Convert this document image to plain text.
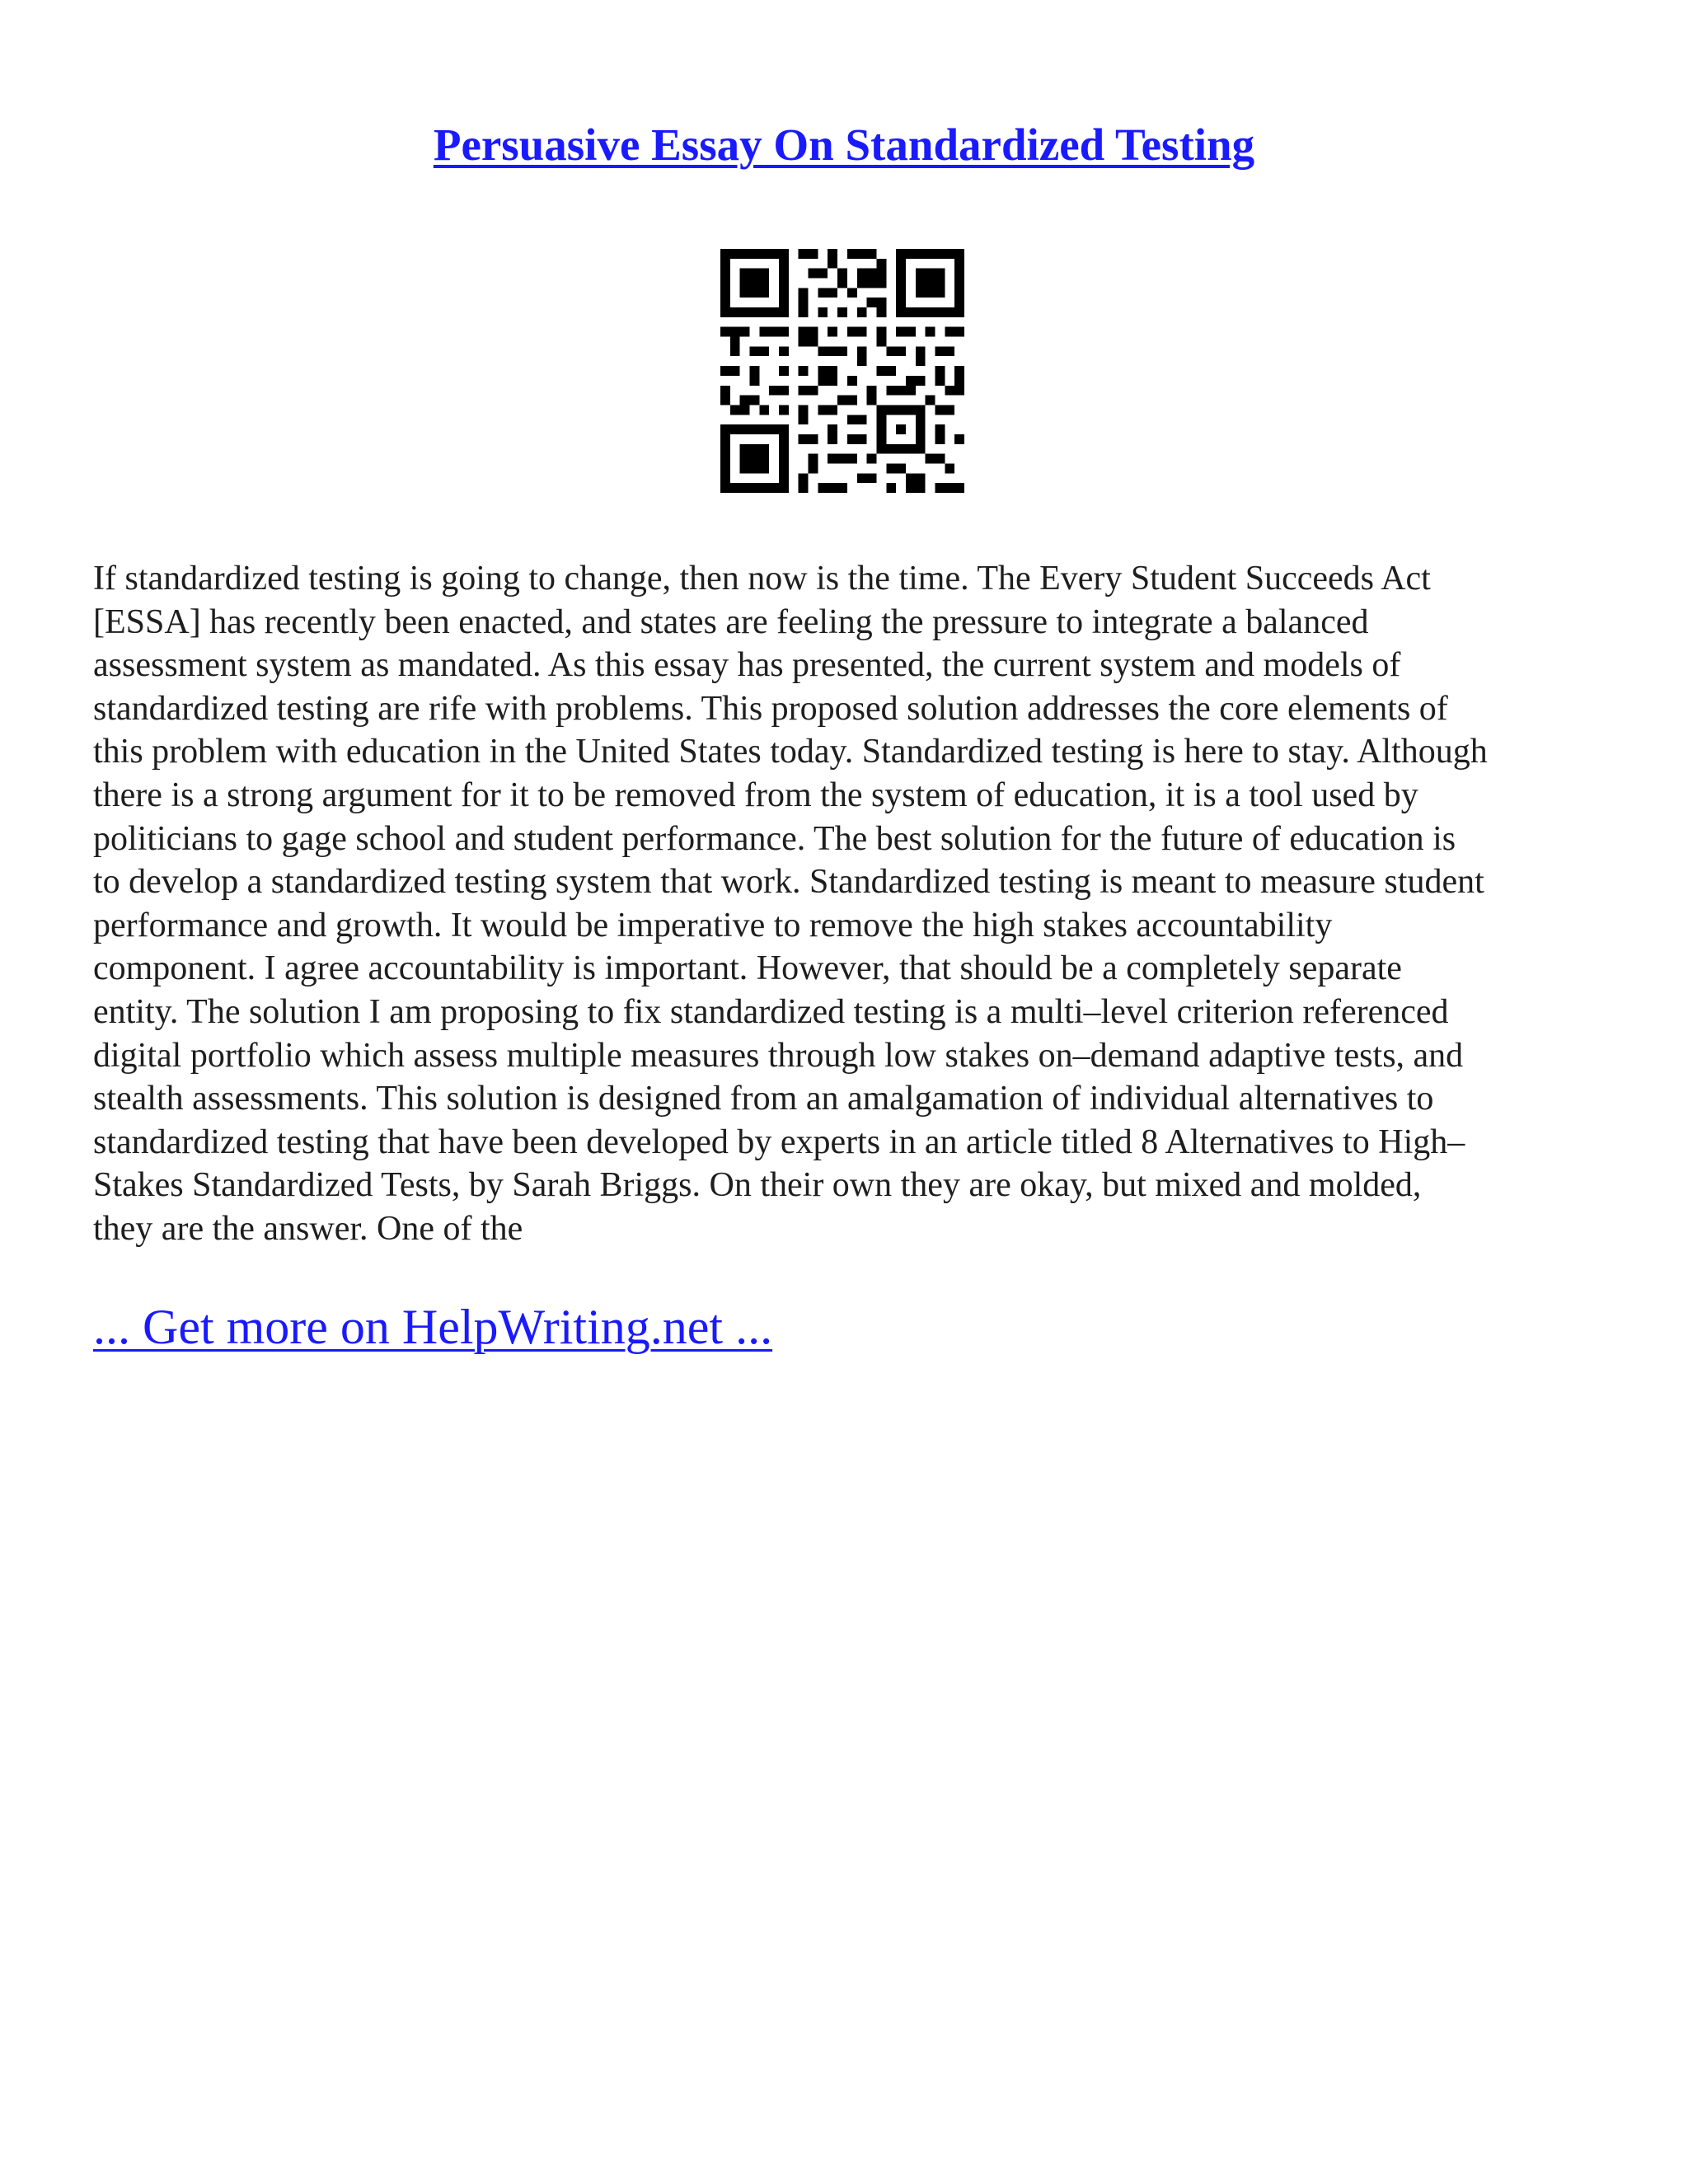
Persuasive Essay On Standardized Testing

If standardized testing is going to change, then now is the time. The Every Student Succeeds Act
[ESSA] has recently been enacted, and states are feeling the pressure to integrate a balanced
assessment system as mandated. As this essay has presented, the current system and models of
standardized testing are rife with problems. This proposed solution addresses the core elements of
this problem with education in the United States today. Standardized testing is here to stay. Although
there is a strong argument for it to be removed from the system of education, it is a tool used by
politicians to gage school and student performance. The best solution for the future of education is
to develop a standardized testing system that work. Standardized testing is meant to measure student
performance and growth. It would be imperative to remove the high stakes accountability
component. I agree accountability is important. However, that should be a completely separate
entity. The solution I am proposing to fix standardized testing is a multi–level criterion referenced
digital portfolio which assess multiple measures through low stakes on–demand adaptive tests, and
stealth assessments. This solution is designed from an amalgamation of individual alternatives to
standardized testing that have been developed by experts in an article titled 8 Alternatives to High–
Stakes Standardized Tests, by Sarah Briggs. On their own they are okay, but mixed and molded,
they are the answer. One of the

... Get more on HelpWriting.net ...
